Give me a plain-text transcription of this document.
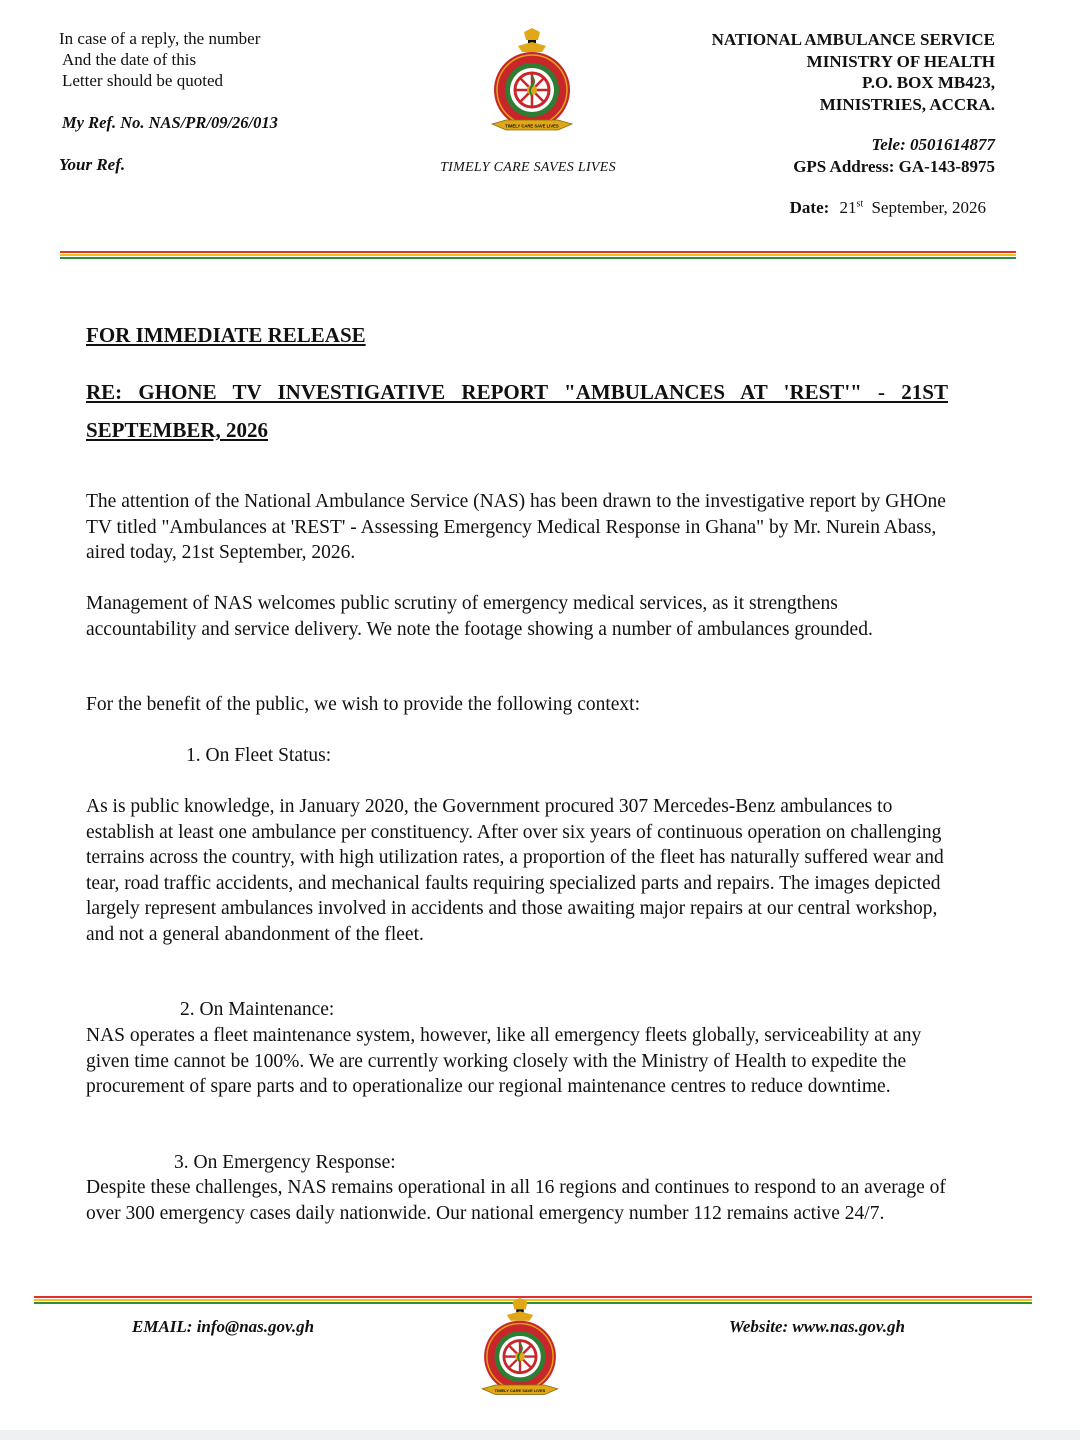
In case of a reply, the number
And the date of this
Letter should be quoted
My Ref. No. NAS/PR/09/26/013
Your Ref.
TIMELY CARE SAVE LIVES
TIMELY CARE SAVES LIVES
NATIONAL AMBULANCE SERVICE
MINISTRY OF HEALTH
P.O. BOX MB423,
MINISTRIES, ACCRA.
Tele: 0501614877
GPS Address: GA-143-8975
Date: 21st September, 2026
FOR IMMEDIATE RELEASE
RE: GHONE TV INVESTIGATIVE REPORT "AMBULANCES AT 'REST'" - 21ST SEPTEMBER, 2026
The attention of the National Ambulance Service (NAS) has been drawn to the investigative report by GHOne TV titled "Ambulances at 'REST' - Assessing Emergency Medical Response in Ghana" by Mr. Nurein Abass, aired today, 21st September, 2026.
Management of NAS welcomes public scrutiny of emergency medical services, as it strengthens accountability and service delivery. We note the footage showing a number of ambulances grounded.
For the benefit of the public, we wish to provide the following context:
1. On Fleet Status:
As is public knowledge, in January 2020, the Government procured 307 Mercedes-Benz ambulances to establish at least one ambulance per constituency. After over six years of continuous operation on challenging terrains across the country, with high utilization rates, a proportion of the fleet has naturally suffered wear and tear, road traffic accidents, and mechanical faults requiring specialized parts and repairs. The images depicted largely represent ambulances involved in accidents and those awaiting major repairs at our central workshop, and not a general abandonment of the fleet.
2. On Maintenance:
NAS operates a fleet maintenance system, however, like all emergency fleets globally, serviceability at any given time cannot be 100%. We are currently working closely with the Ministry of Health to expedite the procurement of spare parts and to operationalize our regional maintenance centres to reduce downtime.
3. On Emergency Response:
Despite these challenges, NAS remains operational in all 16 regions and continues to respond to an average of over 300 emergency cases daily nationwide. Our national emergency number 112 remains active 24/7.
EMAIL: info@nas.gov.gh	Website: www.nas.gov.gh
TIMELY CARE SAVE LIVES
